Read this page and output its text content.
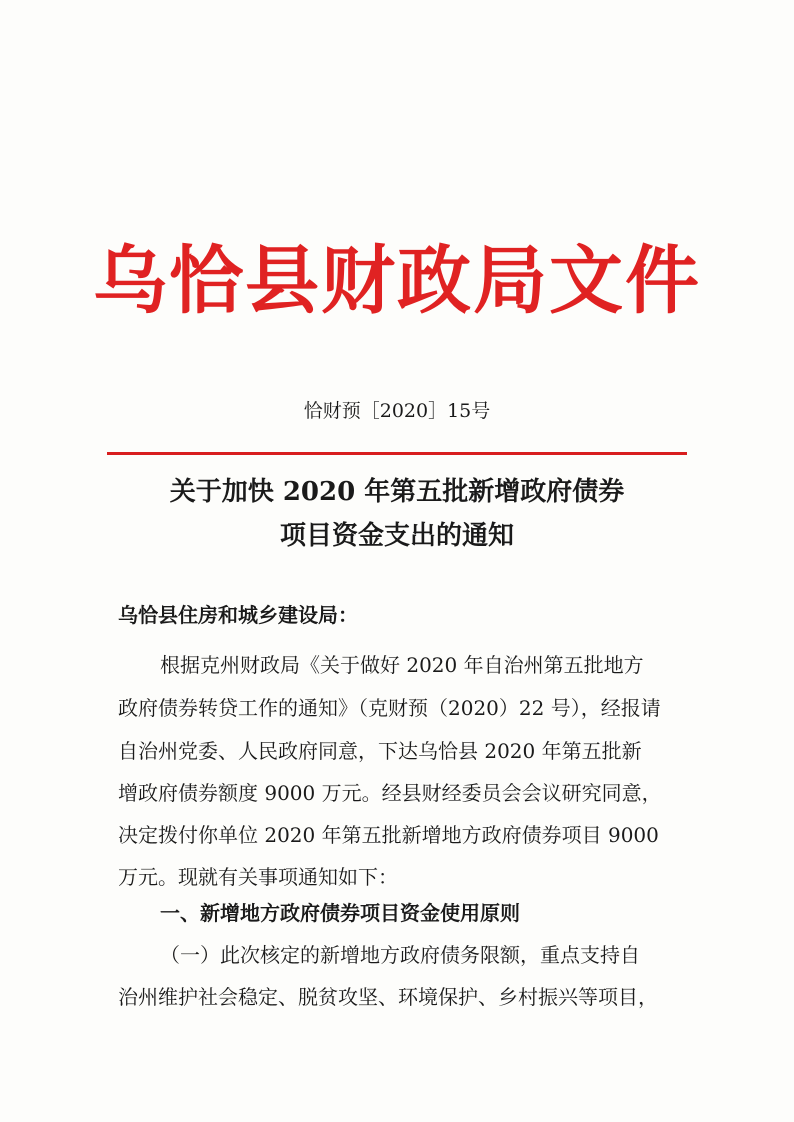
乌恰县财政局文件
恰财预［2020］15号
关于加快 2020 年第五批新增政府债券
项目资金支出的通知
乌恰县住房和城乡建设局：
根据克州财政局《关于做好 2020 年自治州第五批地方
政府债券转贷工作的通知》（克财预（2020）22 号），经报请
自治州党委、人民政府同意，下达乌恰县 2020 年第五批新
增政府债券额度 9000 万元。经县财经委员会会议研究同意，
决定拨付你单位 2020 年第五批新增地方政府债券项目 9000
万元。现就有关事项通知如下：
一、新增地方政府债券项目资金使用原则
（一）此次核定的新增地方政府债务限额，重点支持自
治州维护社会稳定、脱贫攻坚、环境保护、乡村振兴等项目，
